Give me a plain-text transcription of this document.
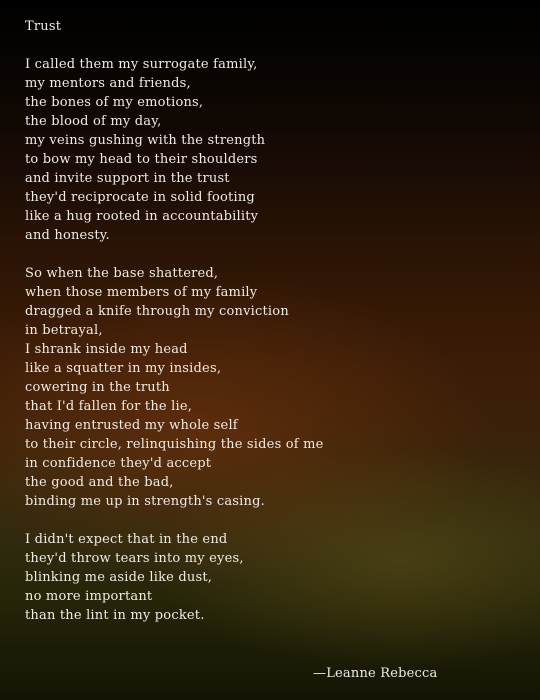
Trust
I called them my surrogate family,
my mentors and friends,
the bones of my emotions,
the blood of my day,
my veins gushing with the strength
to bow my head to their shoulders
and invite support in the trust
they'd reciprocate in solid footing
like a hug rooted in accountability
and honesty.
So when the base shattered,
when those members of my family
dragged a knife through my conviction
in betrayal,
I shrank inside my head
like a squatter in my insides,
cowering in the truth
that I'd fallen for the lie,
having entrusted my whole self
to their circle, relinquishing the sides of me
in confidence they'd accept
the good and the bad,
binding me up in strength's casing.
I didn't expect that in the end
they'd throw tears into my eyes,
blinking me aside like dust,
no more important
than the lint in my pocket.
—Leanne Rebecca
